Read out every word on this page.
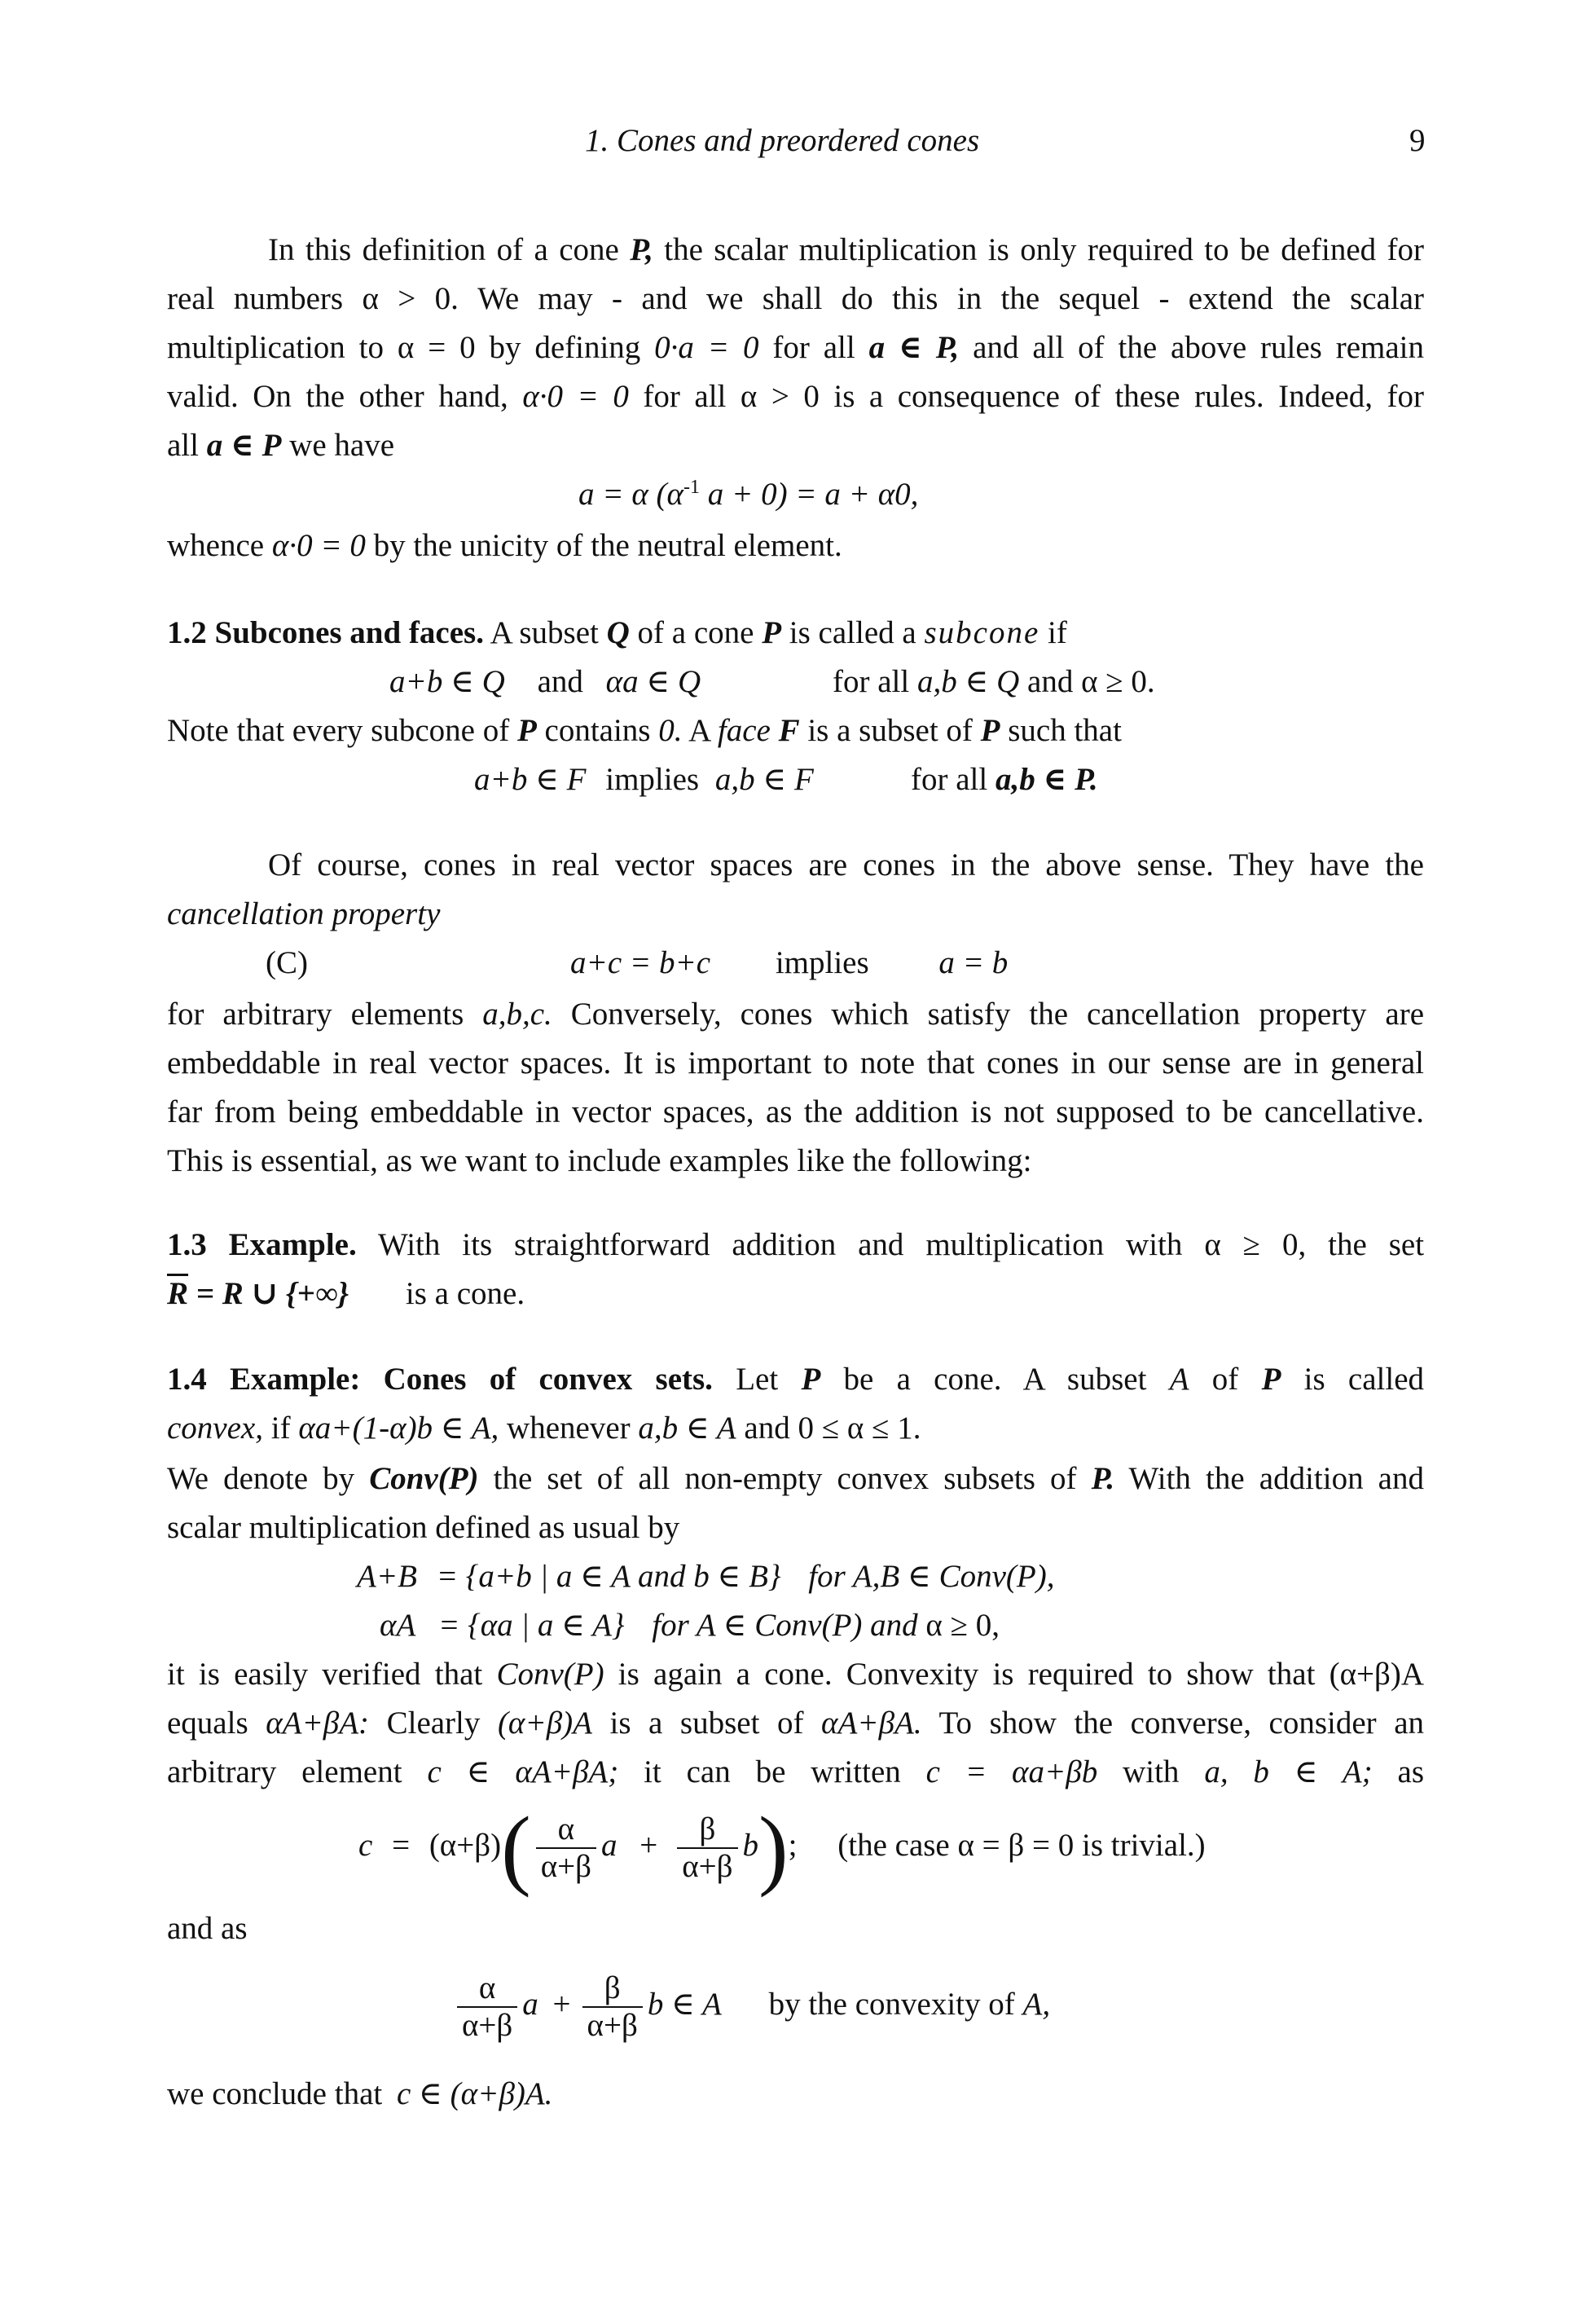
1. Cones and preordered cones	9
In this definition of a cone P, the scalar multiplication is only required to be defined for
real numbers α > 0. We may - and we shall do this in the sequel - extend the scalar
multiplication to α = 0 by defining 0·a = 0 for all a ∈ P, and all of the above rules remain
valid. On the other hand, α·0 = 0 for all α > 0 is a consequence of these rules. Indeed, for
all a ∈ P we have
a = α ($\alpha^{-1}$ a + 0) = a + α0,
whence α·0 = 0 by the unicity of the neutral element.
1.2 Subcones and faces. A subset Q of a cone P is called a subcone if
a+b ∈ Q and αa ∈ Q	for all a,b ∈ Q and α ≥ 0.
Note that every subcone of P contains 0. A face F is a subset of P such that
a+b ∈ F implies a,b ∈ F	for all a,b ∈ P.
Of course, cones in real vector spaces are cones in the above sense. They have the
cancellation property
(C)	a+c = b+c implies a = b
for arbitrary elements a,b,c. Conversely, cones which satisfy the cancellation property are
embeddable in real vector spaces. It is important to note that cones in our sense are in general
far from being embeddable in vector spaces, as the addition is not supposed to be cancellative.
This is essential, as we want to include examples like the following:
1.3 Example. With its straightforward addition and multiplication with α ≥ 0, the set
$\overline{R} = R$ ∪ {+∞} is a cone.
1.4 Example: Cones of convex sets. Let P be a cone. A subset A of P is called
convex, if αa+(1-α)b ∈ A, whenever a,b ∈ A and 0 ≤ α ≤ 1.
We denote by Conv(P) the set of all non-empty convex subsets of P. With the addition and
scalar multiplication defined as usual by
A+B = {a+b | a ∈ A and b ∈ B} for A,B ∈ Conv(P),
αA = {αa | a ∈ A} for A ∈ Conv(P) and α ≥ 0,
it is easily verified that Conv(P) is again a cone. Convexity is required to show that (α+β)A
equals αA+βA: Clearly (α+β)A is a subset of αA+βA. To show the converse, consider an
arbitrary element c ∈ αA+βA; it can be written c = αa+βb with a, b ∈ A; as
$c = (\alpha+\beta)( \frac{\alpha}{\alpha+\beta}$ $a + \frac{\beta}{\alpha+\beta} b$); (the case α = β = 0 is trivial.)
and as
$\frac{\alpha}{\alpha+\beta}$ $a + \frac{\beta}{\alpha+\beta}$ b ∈ A by the convexity of A,
we conclude that c ∈ (α+β)A.
